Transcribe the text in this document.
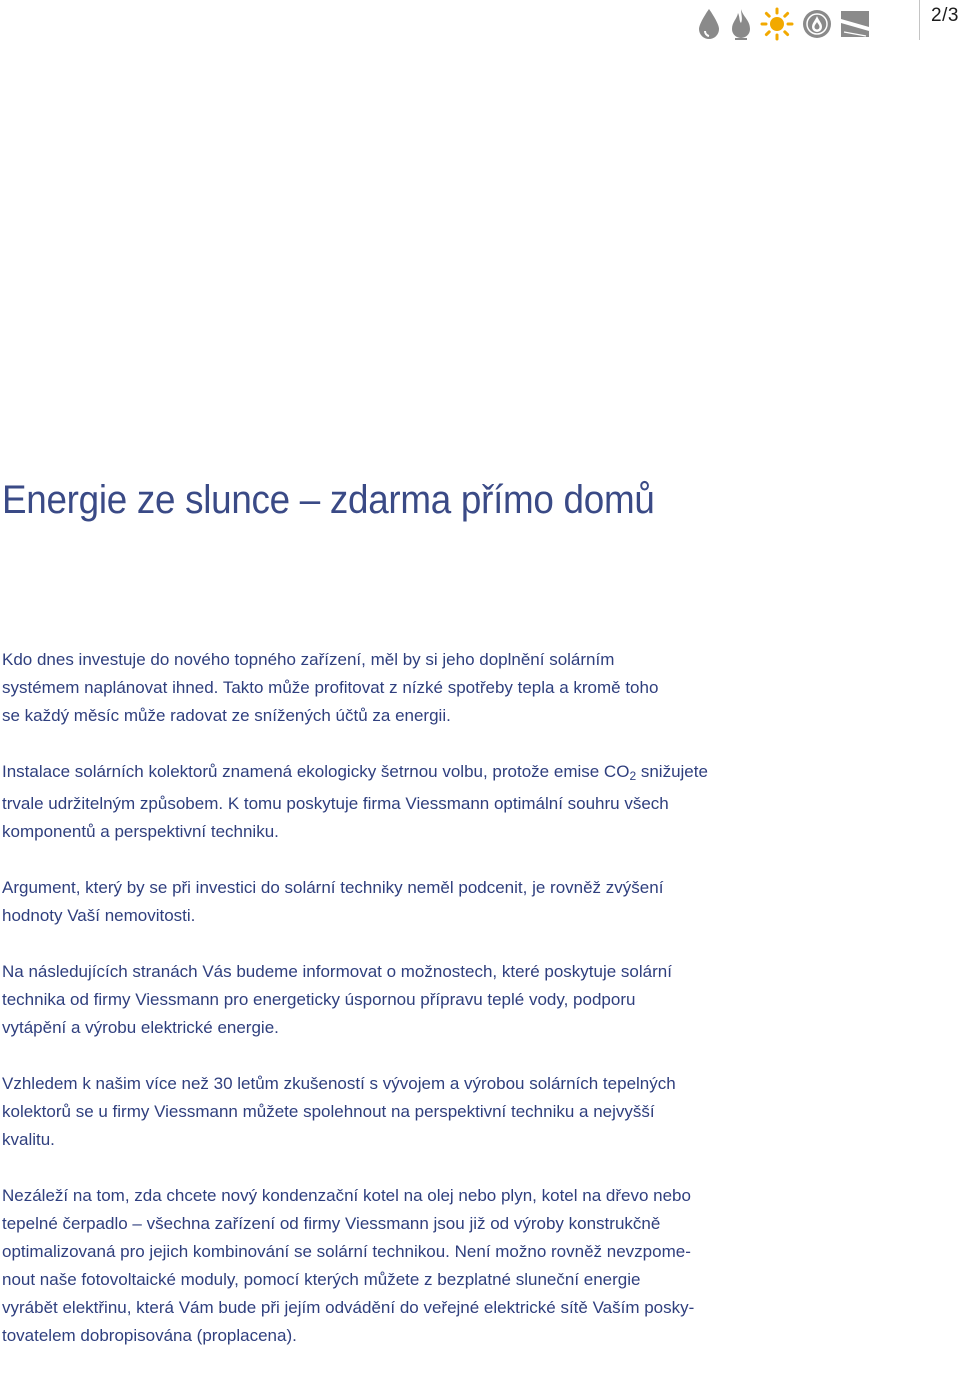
2/3
Energie ze slunce – zdarma přímo domů

Kdo dnes investuje do nového topného zařízení, měl by si jeho doplnění solárním
systémem naplánovat ihned. Takto může profitovat z nízké spotřeby tepla a kromě toho
se každý měsíc může radovat ze snížených účtů za energii.

Instalace solárních kolektorů znamená ekologicky šetrnou volbu, protože emise $CO_2$ snižujete
trvale udržitelným způsobem. K tomu poskytuje firma Viessmann optimální souhru všech
komponentů a perspektivní techniku.

Argument, který by se při investici do solární techniky neměl podcenit, je rovněž zvýšení
hodnoty Vaší nemovitosti.

Na následujících stranách Vás budeme informovat o možnostech, které poskytuje solární
technika od firmy Viessmann pro energeticky úspornou přípravu teplé vody, podporu
vytápění a výrobu elektrické energie.

Vzhledem k našim více než 30 letům zkušeností s vývojem a výrobou solárních tepelných
kolektorů se u firmy Viessmann můžete spolehnout na perspektivní techniku a nejvyšší
kvalitu.

Nezáleží na tom, zda chcete nový kondenzační kotel na olej nebo plyn, kotel na dřevo nebo
tepelné čerpadlo – všechna zařízení od firmy Viessmann jsou již od výroby konstrukčně
optimalizovaná pro jejich kombinování se solární technikou. Není možno rovněž nevzpome-
nout naše fotovoltaické moduly, pomocí kterých můžete z bezplatné sluneční energie
vyrábět elektřinu, která Vám bude při jejím odvádění do veřejné elektrické sítě Vaším posky-
tovatelem dobropisována (proplacena).
